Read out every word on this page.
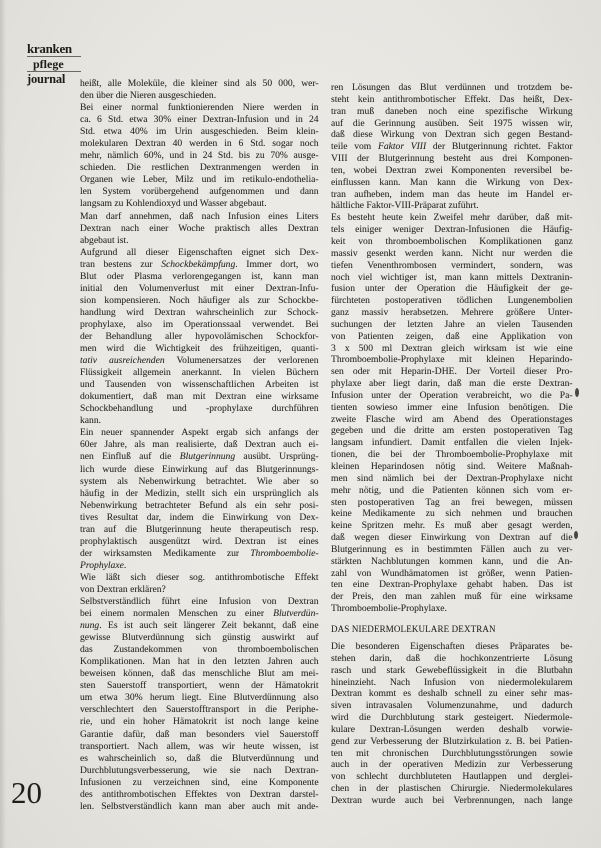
kranken
pflege
journal	heißt, alle Moleküle, die kleiner sind als 50 000, wer-
den über die Nieren ausgeschieden.
Bei einer normal funktionierenden Niere werden in
ca. 6 Std. etwa 30% einer Dextran-Infusion und in 24
Std. etwa 40% im Urin ausgeschieden. Beim klein-
molekularen Dextran 40 werden in 6 Std. sogar noch
mehr, nämlich 60%, und in 24 Std. bis zu 70% ausge-
schieden. Die restlichen Dextranmengen werden in
Organen wie Leber, Milz und im retikulo-endothelia-
len System vorübergehend aufgenommen und dann
langsam zu Kohlendioxyd und Wasser abgebaut.
Man darf annehmen, daß nach Infusion eines Liters
Dextran nach einer Woche praktisch alles Dextran
abgebaut ist.
Aufgrund all dieser Eigenschaften eignet sich Dex-
tran bestens zur Schockbekämpfung. Immer dort, wo
Blut oder Plasma verlorengegangen ist, kann man
initial den Volumenverlust mit einer Dextran-Infu-
sion kompensieren. Noch häufiger als zur Schockbe-
handlung wird Dextran wahrscheinlich zur Schock-
prophylaxe, also im Operationssaal verwendet. Bei
der Behandlung aller hypovolämischen Schockfor-
men wird die Wichtigkeit des frühzeitigen, quanti-
tativ ausreichenden Volumenersatzes der verlorenen
Flüssigkeit allgemein anerkannt. In vielen Büchern
und Tausenden von wissenschaftlichen Arbeiten ist
dokumentiert, daß man mit Dextran eine wirksame
Schockbehandlung und -prophylaxe durchführen
kann.
Ein neuer spannender Aspekt ergab sich anfangs der
60er Jahre, als man realisierte, daß Dextran auch ei-
nen Einfluß auf die Blutgerinnung ausübt. Ursprüng-
lich wurde diese Einwirkung auf das Blutgerinnungs-
system als Nebenwirkung betrachtet. Wie aber so
häufig in der Medizin, stellt sich ein ursprünglich als
Nebenwirkung betrachteter Befund als ein sehr posi-
tives Resultat dar, indem die Einwirkung von Dex-
tran auf die Blutgerinnung heute therapeutisch resp.
prophylaktisch ausgenützt wird. Dextran ist eines
der wirksamsten Medikamente zur Thromboembolie-
Prophylaxe.
Wie läßt sich dieser sog. antithrombotische Effekt
von Dextran erklären?
Selbstverständlich führt eine Infusion von Dextran
bei einem normalen Menschen zu einer Blutverdün-
nung. Es ist auch seit längerer Zeit bekannt, daß eine
gewisse Blutverdünnung sich günstig auswirkt auf
das Zustandekommen von thromboembolischen
Komplikationen. Man hat in den letzten Jahren auch
beweisen können, daß das menschliche Blut am mei-
sten Sauerstoff transportiert, wenn der Hämatokrit
um etwa 30% herum liegt. Eine Blutverdünnung also
verschlechtert den Sauerstofftransport in die Periphe-
rie, und ein hoher Hämatokrit ist noch lange keine
Garantie dafür, daß man besonders viel Sauerstoff
transportiert. Nach allem, was wir heute wissen, ist
es wahrscheinlich so, daß die Blutverdünnung und
Durchblutungsverbesserung, wie sie nach Dextran-
Infusionen zu verzeichnen sind, eine Komponente
des antithrombotischen Effektes von Dextran darstel-
len. Selbstverständlich kann man aber auch mit ande-
ren Lösungen das Blut verdünnen und trotzdem be-
steht kein antithrombotischer Effekt. Das heißt, Dex-
tran muß daneben noch eine spezifische Wirkung
auf die Gerinnung ausüben. Seit 1975 wissen wir,
daß diese Wirkung von Dextran sich gegen Bestand-
teile vom Faktor VIII der Blutgerinnung richtet. Faktor
VIII der Blutgerinnung besteht aus drei Komponen-
ten, wobei Dextran zwei Komponenten reversibel be-
einflussen kann. Man kann die Wirkung von Dex-
tran aufheben, indem man das heute im Handel er-
hältliche Faktor-VIII-Präparat zuführt.
Es besteht heute kein Zweifel mehr darüber, daß mit-
tels einiger weniger Dextran-Infusionen die Häufig-
keit von thromboembolischen Komplikationen ganz
massiv gesenkt werden kann. Nicht nur werden die
tiefen Venenthrombosen vermindert, sondern, was
noch viel wichtiger ist, man kann mittels Dextranin-
fusion unter der Operation die Häufigkeit der ge-
fürchteten postoperativen tödlichen Lungenembolien
ganz massiv herabsetzen. Mehrere größere Unter-
suchungen der letzten Jahre an vielen Tausenden
von Patienten zeigen, daß eine Applikation von
3 x 500 ml Dextran gleich wirksam ist wie eine
Thromboembolie-Prophylaxe mit kleinen Heparindo-
sen oder mit Heparin-DHE. Der Vorteil dieser Pro-
phylaxe aber liegt darin, daß man die erste Dextran-
Infusion unter der Operation verabreicht, wo die Pa-
tienten sowieso immer eine Infusion benötigen. Die
zweite Flasche wird am Abend des Operationstages
gegeben und die dritte am ersten postoperativen Tag
langsam infundiert. Damit entfallen die vielen Injek-
tionen, die bei der Thromboembolie-Prophylaxe mit
kleinen Heparindosen nötig sind. Weitere Maßnah-
men sind nämlich bei der Dextran-Prophylaxe nicht
mehr nötig, und die Patienten können sich vom er-
sten postoperativen Tag an frei bewegen, müssen
keine Medikamente zu sich nehmen und brauchen
keine Spritzen mehr. Es muß aber gesagt werden,
daß wegen dieser Einwirkung von Dextran auf die
Blutgerinnung es in bestimmten Fällen auch zu ver-
stärkten Nachblutungen kommen kann, und die An-
zahl von Wundhämatomen ist größer, wenn Patien-
ten eine Dextran-Prophylaxe gehabt haben. Das ist
der Preis, den man zahlen muß für eine wirksame
Thromboembolie-Prophylaxe.
DAS NIEDERMOLEKULARE DEXTRAN
Die besonderen Eigenschaften dieses Präparates be-
stehen darin, daß die hochkonzentrierte Lösung
rasch und stark Gewebeflüssigkeit in die Blutbahn
hineinzieht. Nach Infusion von niedermolekularem
Dextran kommt es deshalb schnell zu einer sehr mas-
siven intravasalen Volumenzunahme, und dadurch
wird die Durchblutung stark gesteigert. Niedermole-
kulare Dextran-Lösungen werden deshalb vorwie-
gend zur Verbesserung der Blutzirkulation z. B. bei Patien-
ten mit chronischen Durchblutungsstörungen sowie
auch in der operativen Medizin zur Verbesserung
von schlecht durchbluteten Hautlappen und derglei-
chen in der plastischen Chirurgie. Niedermolekulares
Dextran wurde auch bei Verbrennungen, nach lange
20
